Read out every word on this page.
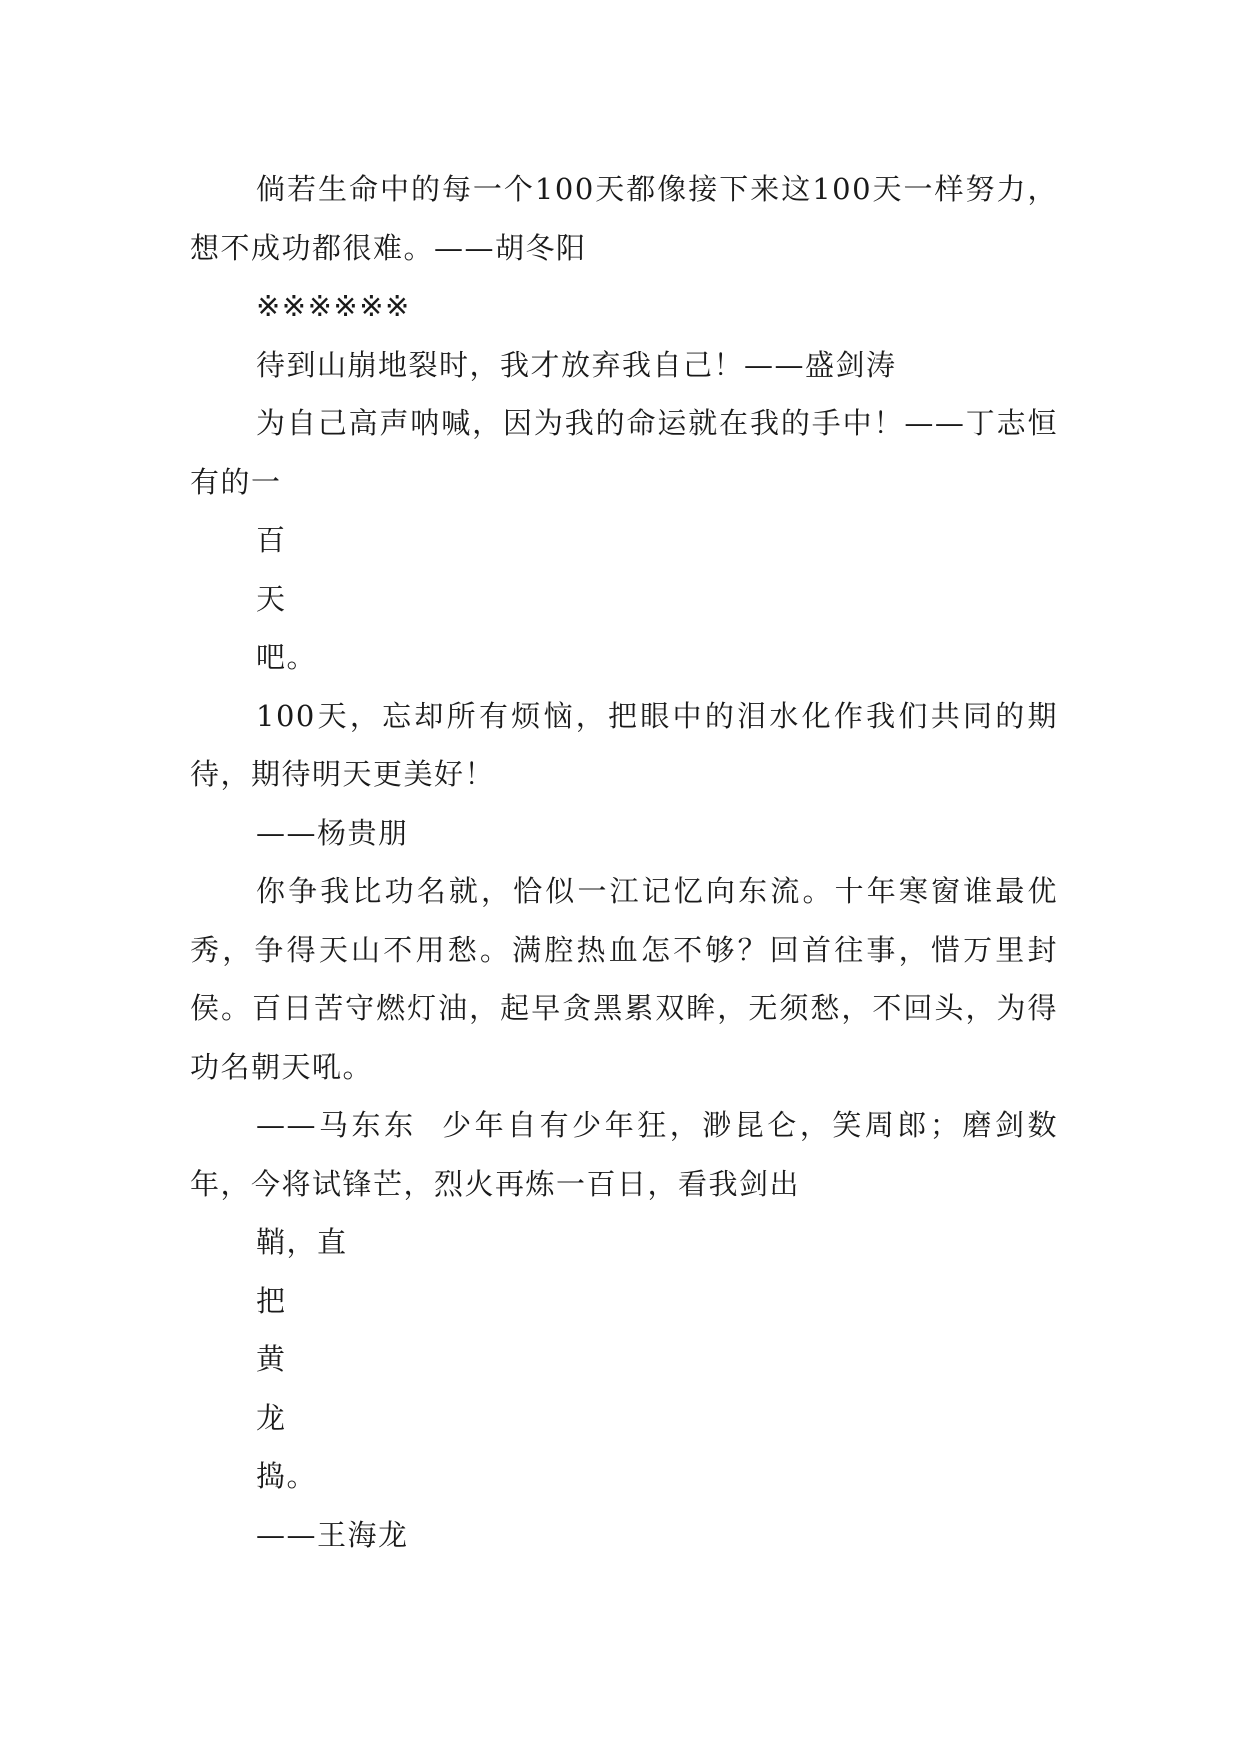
倘若生命中的每一个100天都像接下来这100天一样努力，想不成功都很难。——胡冬阳

※※※※※※

待到山崩地裂时，我才放弃我自己！——盛剑涛

为自己高声呐喊，因为我的命运就在我的手中！——丁志恒  有的一

百

天

吧。

100天，忘却所有烦恼，把眼中的泪水化作我们共同的期待，期待明天更美好！

——杨贵朋

你争我比功名就，恰似一江记忆向东流。十年寒窗谁最优秀，争得天山不用愁。满腔热血怎不够？回首往事，惜万里封侯。百日苦守燃灯油，起早贪黑累双眸，无须愁，不回头，为得功名朝天吼。

——马东东  少年自有少年狂，渺昆仑，笑周郎；磨剑数年，今将试锋芒，烈火再炼一百日，看我剑出

鞘，直

把

黄

龙

捣。

——王海龙
